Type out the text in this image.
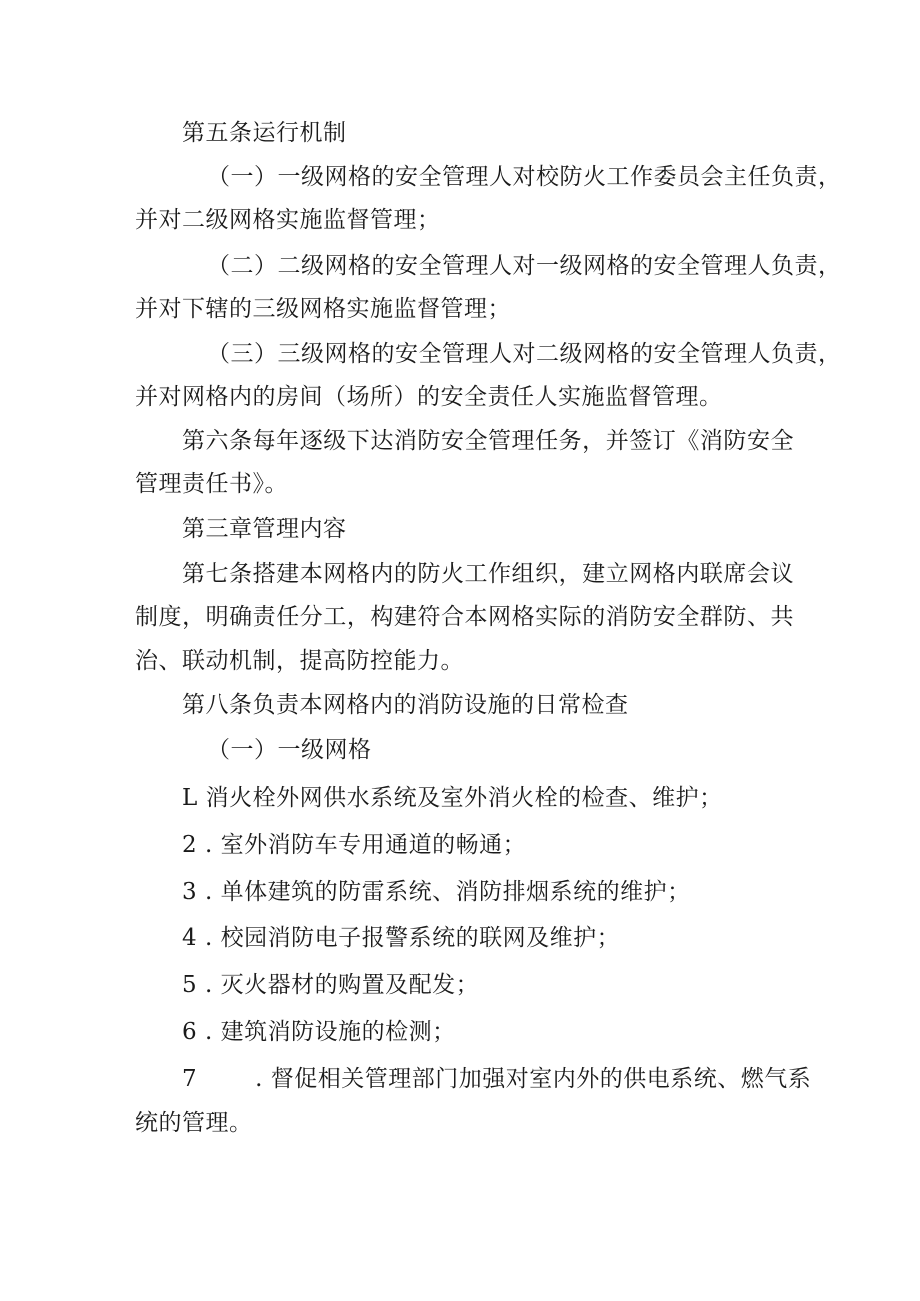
第五条运行机制
（一）一级网格的安全管理人对校防火工作委员会主任负责，
并对二级网格实施监督管理；
（二）二级网格的安全管理人对一级网格的安全管理人负责，
并对下辖的三级网格实施监督管理；
（三）三级网格的安全管理人对二级网格的安全管理人负责，
并对网格内的房间（场所）的安全责任人实施监督管理。
第六条每年逐级下达消防安全管理任务，并签订《消防安全
管理责任书》。
第三章管理内容
第七条搭建本网格内的防火工作组织，建立网格内联席会议
制度，明确责任分工，构建符合本网格实际的消防安全群防、共
治、联动机制，提高防控能力。
第八条负责本网格内的消防设施的日常检查
（一）一级网格
L 消火栓外网供水系统及室外消火栓的检查、维护；
2 . 室外消防车专用通道的畅通；
3 . 单体建筑的防雷系统、消防排烟系统的维护；
4 . 校园消防电子报警系统的联网及维护；
5 . 灭火器材的购置及配发；
6 . 建筑消防设施的检测；
7	. 督促相关管理部门加强对室内外的供电系统、燃气系
统的管理。
